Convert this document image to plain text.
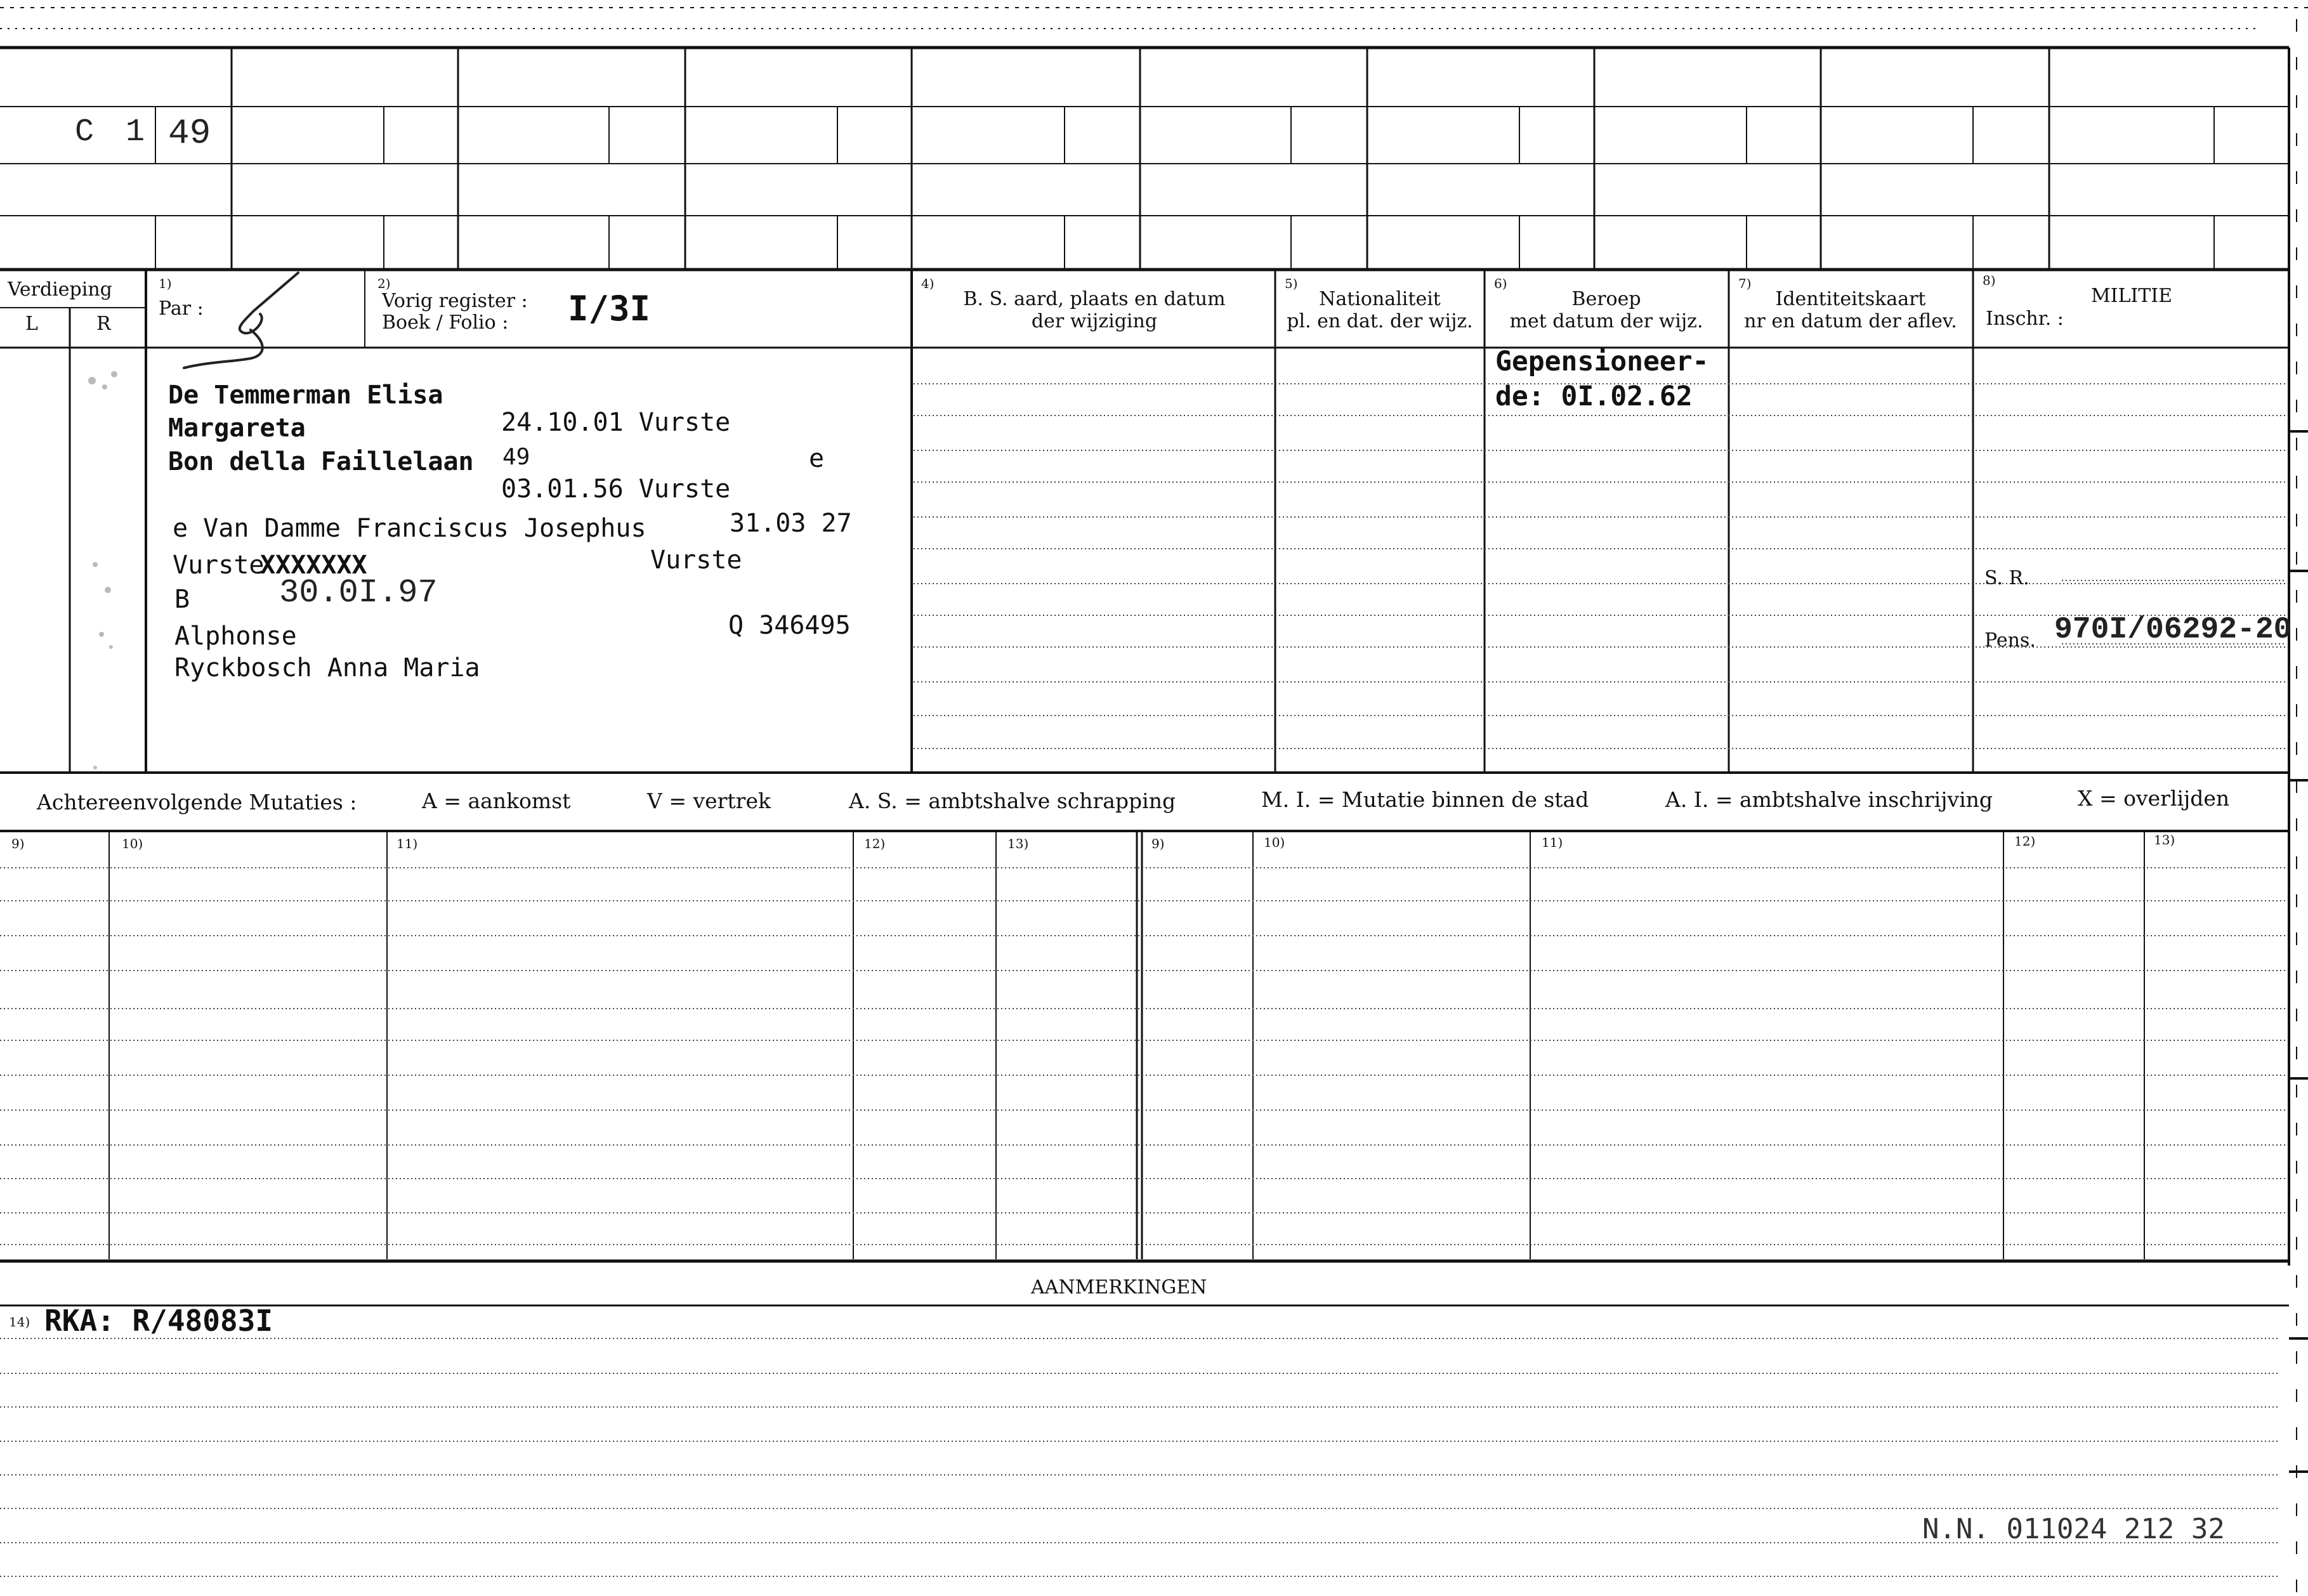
C 1 49
Verdieping
L	R
1)
Par :
2)
Vorig register :
Boek / Folio : I/3I
4)
B. S. aard, plaats en datum
der wijziging
5)
Nationaliteit
pl. en dat. der wijz.
6)
Beroep
met datum der wijz.
7)
Identiteitskaart
nr en datum der aflev.
8)
MILITIE
Inschr. :
De Temmerman Elisa
Margareta	24.10.01 Vurste
Bon della Faillelaan 49	e
03.01.56 Vurste
e Van Damme Franciscus Josephus	31.03 27
Vurste
XXXXXXX	Vurste
B	30.0I.97
Alphonse	Q 346495
Ryckbosch Anna Maria
Gepensioneer-
de: 0I.02.62
S. R.
Pens. 970I/06292-20
Achtereenvolgende Mutaties :	A = aankomst	V = vertrek	A. S. = ambtshalve schrapping	M. I. = Mutatie binnen de stad	A. I. = ambtshalve inschrijving	X = overlijden
9)	10)	11)	12)	13)	9)	10)	11)	12)	13)
AANMERKINGEN
14) RKA: R/48083I
N.N. 011024 212 32
